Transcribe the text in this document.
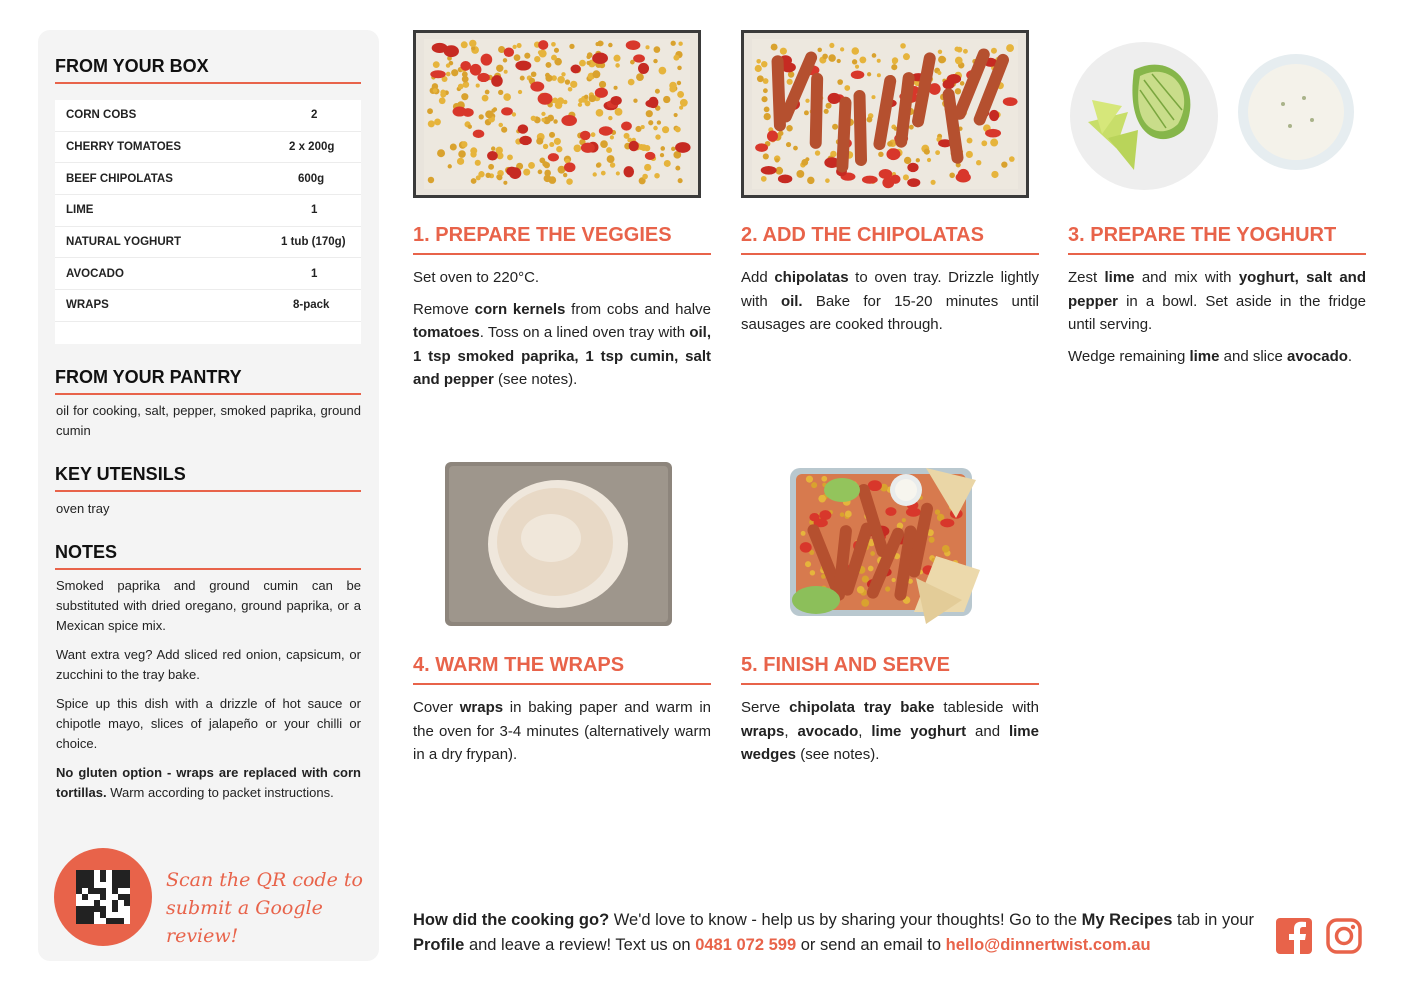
FROM YOUR BOX
CORN COBS	2
CHERRY TOMATOES	2 x 200g
BEEF CHIPOLATAS	600g
LIME	1
NATURAL YOGHURT	1 tub (170g)
AVOCADO	1
WRAPS	8-pack
FROM YOUR PANTRY
oil for cooking, salt, pepper, smoked paprika, ground cumin
KEY UTENSILS
oven tray
NOTES

Smoked paprika and ground cumin can be substituted with dried oregano, ground paprika, or a Mexican spice mix.

Want extra veg? Add sliced red onion, capsicum, or zucchini to the tray bake.

Spice up this dish with a drizzle of hot sauce or chipotle mayo, slices of jalapeño or your chilli or choice.

No gluten option - wraps are replaced with corn tortillas. Warm according to packet instructions.

Scan the QR code to
submit a Google review!
1. PREPARE THE VEGGIES

Set oven to 220°C.

Remove corn kernels from cobs and halve tomatoes. Toss on a lined oven tray with oil, 1 tsp smoked paprika, 1 tsp cumin, salt and pepper (see notes).

2. ADD THE CHIPOLATAS

Add chipolatas to oven tray. Drizzle lightly with oil. Bake for 15-20 minutes until sausages are cooked through.

3. PREPARE THE YOGHURT

Zest lime and mix with yoghurt, salt and pepper in a bowl. Set aside in the fridge until serving.

Wedge remaining lime and slice avocado.

4. WARM THE WRAPS

Cover wraps in baking paper and warm in the oven for 3-4 minutes (alternatively warm in a dry frypan).

5. FINISH AND SERVE

Serve chipolata tray bake tableside with wraps, avocado, lime yoghurt and lime wedges (see notes).

How did the cooking go? We'd love to know - help us by sharing your thoughts! Go to the My Recipes tab in your Profile and leave a review! Text us on 0481 072 599 or send an email to hello@dinnertwist.com.au
